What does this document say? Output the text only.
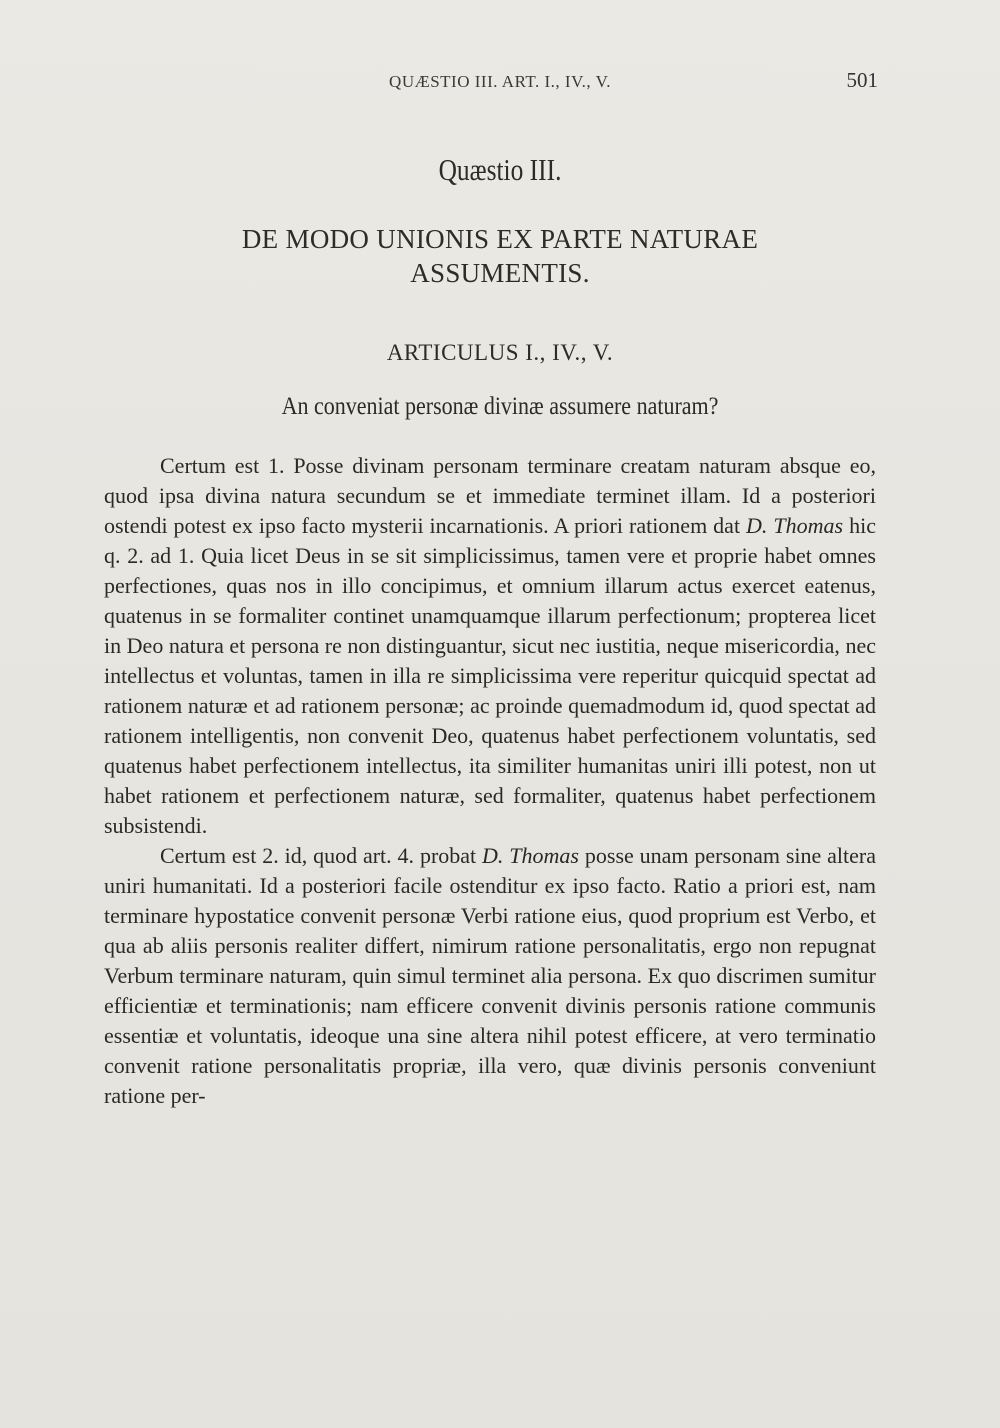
QUÆSTIO III. ART. I., IV., V.	501
Quæstio III.
DE MODO UNIONIS EX PARTE NATURAE ASSUMENTIS.
ARTICULUS I., IV., V.
An conveniat personæ divinæ assumere naturam?

Certum est 1. Posse divinam personam terminare creatam naturam absque eo, quod ipsa divina natura secundum se et immediate terminet illam. Id a posteriori ostendi potest ex ipso facto mysterii incarnationis. A priori rationem dat D. Thomas hic q. 2. ad 1. Quia licet Deus in se sit simplicissimus, tamen vere et proprie habet omnes perfectiones, quas nos in illo concipimus, et omnium illarum actus exercet eatenus, quatenus in se formaliter continet unamquamque illarum perfectionum; propterea licet in Deo natura et persona re non distinguantur, sicut nec iustitia, neque misericordia, nec intellectus et voluntas, tamen in illa re simplicissima vere reperitur quicquid spectat ad rationem naturæ et ad rationem personæ; ac proinde quemadmodum id, quod spectat ad rationem intelligentis, non convenit Deo, quatenus habet perfectionem voluntatis, sed quatenus habet perfectionem intellectus, ita similiter humanitas uniri illi potest, non ut habet rationem et perfectionem naturæ, sed formaliter, quatenus habet perfectionem subsistendi.

Certum est 2. id, quod art. 4. probat D. Thomas posse unam personam sine altera uniri humanitati. Id a posteriori facile ostenditur ex ipso facto. Ratio a priori est, nam terminare hypostatice convenit personæ Verbi ratione eius, quod proprium est Verbo, et qua ab aliis personis realiter differt, nimirum ratione personalitatis, ergo non repugnat Verbum terminare naturam, quin simul terminet alia persona. Ex quo discrimen sumitur efficientiæ et terminationis; nam efficere convenit divinis personis ratione communis essentiæ et voluntatis, ideoque una sine altera nihil potest efficere, at vero terminatio convenit ratione personalitatis propriæ, illa vero, quæ divinis personis conveniunt ratione per-
